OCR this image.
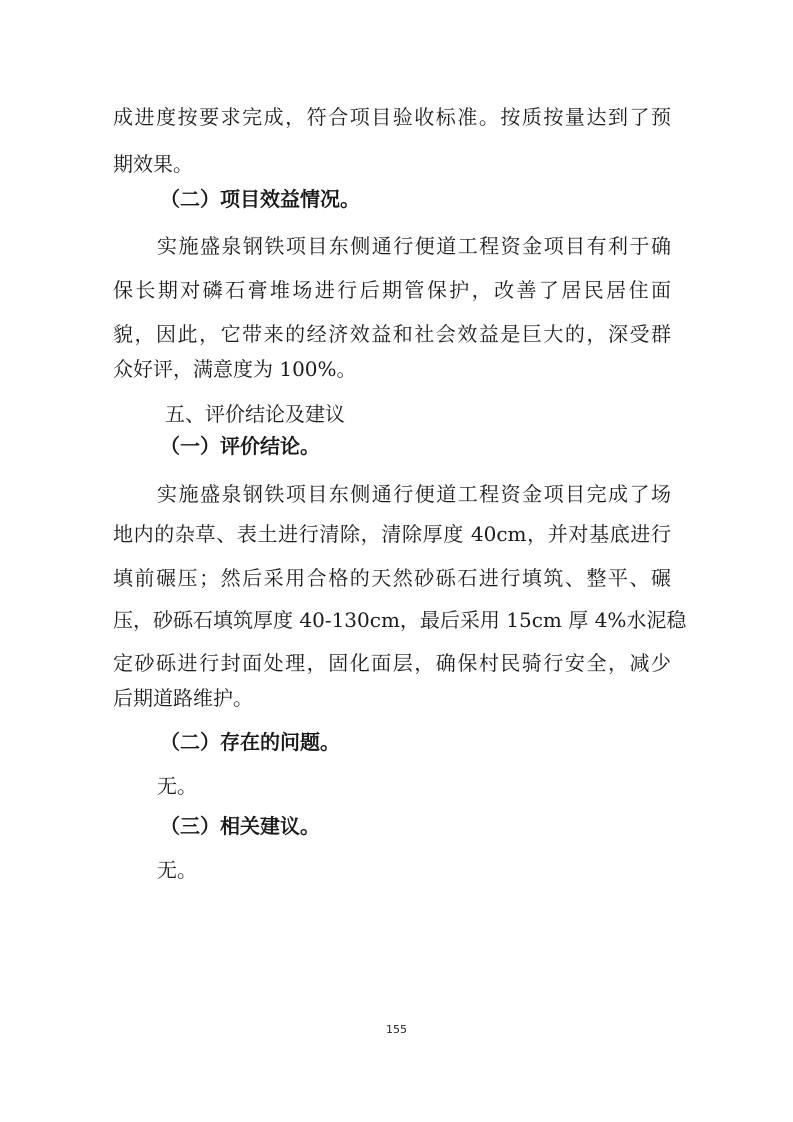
成进度按要求完成，符合项目验收标准。按质按量达到了预
期效果。
（二）项目效益情况。
实施盛泉钢铁项目东侧通行便道工程资金项目有利于确
保长期对磷石膏堆场进行后期管保护，改善了居民居住面
貌，因此，它带来的经济效益和社会效益是巨大的，深受群
众好评，满意度为 100%。
五、评价结论及建议
（一）评价结论。
实施盛泉钢铁项目东侧通行便道工程资金项目完成了场
地内的杂草、表土进行清除，清除厚度 40cm，并对基底进行
填前碾压；然后采用合格的天然砂砾石进行填筑、整平、碾
压，砂砾石填筑厚度 40-130cm，最后采用 15cm 厚 4%水泥稳
定砂砾进行封面处理，固化面层，确保村民骑行安全，减少
后期道路维护。
（二）存在的问题。
无。
（三）相关建议。
无。
155
